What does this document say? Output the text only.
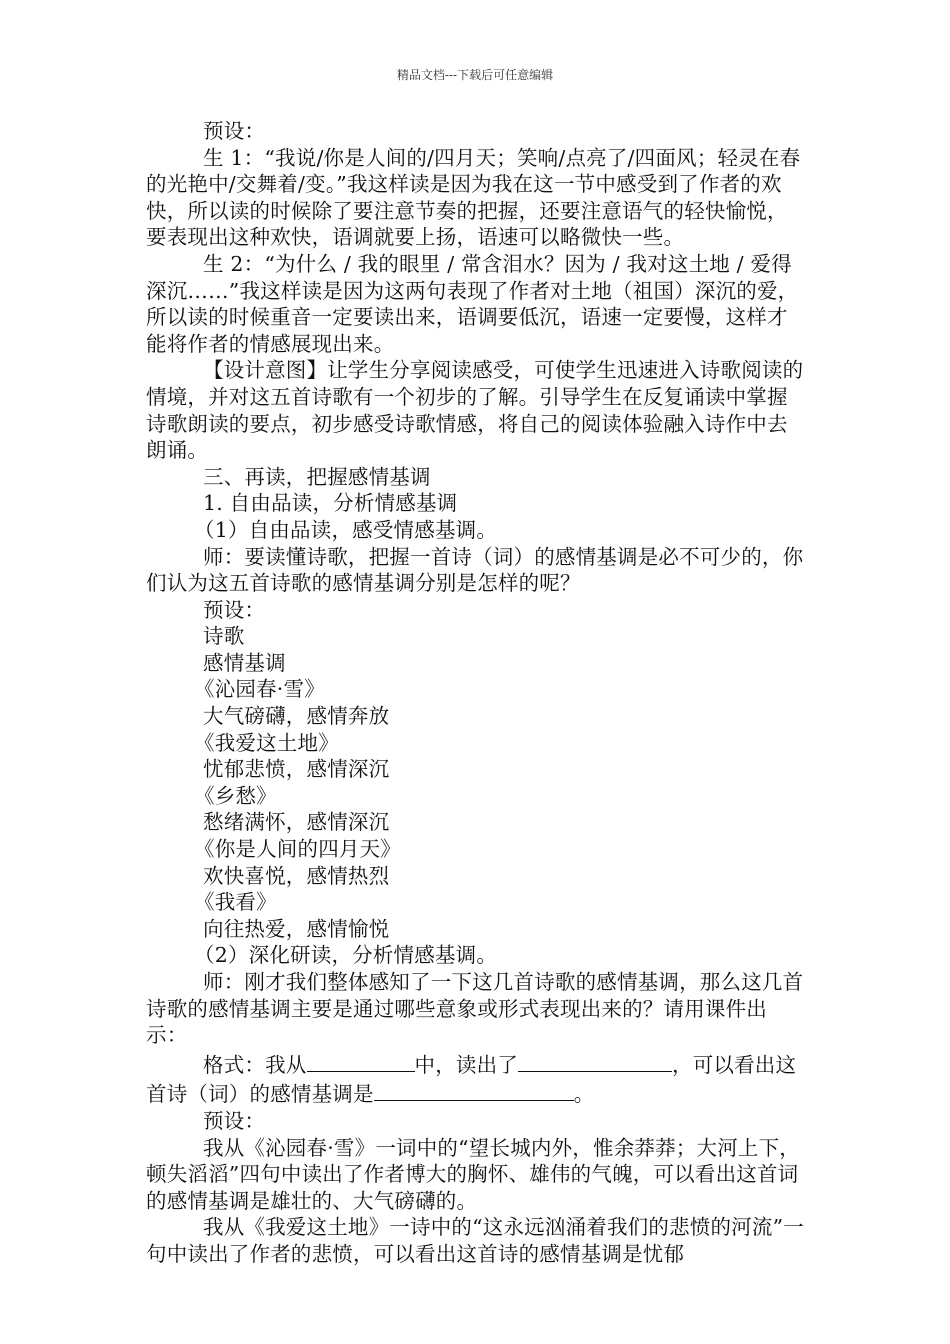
精品文档---下载后可任意编辑

预设：

生 1：“我说/你是人间的/四月天；笑响/点亮了/四面风；轻灵在春的光艳中/交舞着/变。”我这样读是因为我在这一节中感受到了作者的欢快，所以读的时候除了要注意节奏的把握，还要注意语气的轻快愉悦，要表现出这种欢快，语调就要上扬，语速可以略微快一些。

生 2：“为什么 / 我的眼里 / 常含泪水？因为 / 我对这土地 / 爱得深沉……”我这样读是因为这两句表现了作者对土地（祖国）深沉的爱，所以读的时候重音一定要读出来，语调要低沉，语速一定要慢，这样才能将作者的情感展现出来。

【设计意图】让学生分享阅读感受，可使学生迅速进入诗歌阅读的情境，并对这五首诗歌有一个初步的了解。引导学生在反复诵读中掌握诗歌朗读的要点，初步感受诗歌情感，将自己的阅读体验融入诗作中去朗诵。

三、再读，把握感情基调

1. 自由品读，分析情感基调

（1）自由品读，感受情感基调。

师：要读懂诗歌，把握一首诗（词）的感情基调是必不可少的，你们认为这五首诗歌的感情基调分别是怎样的呢？

预设：

诗歌

感情基调

《沁园春·雪》

大气磅礴，感情奔放

《我爱这土地》

忧郁悲愤，感情深沉

《乡愁》

愁绪满怀，感情深沉

《你是人间的四月天》

欢快喜悦，感情热烈

《我看》

向往热爱，感情愉悦

（2）深化研读，分析情感基调。

师：刚才我们整体感知了一下这几首诗歌的感情基调，那么这几首诗歌的感情基调主要是通过哪些意象或形式表现出来的？请用课件出示：

格式：我从	中，读出了	，可以看出这首诗（词）的感情基调是	。

预设：

我从《沁园春·雪》一词中的“望长城内外，惟余莽莽；大河上下，顿失滔滔”四句中读出了作者博大的胸怀、雄伟的气魄，可以看出这首词的感情基调是雄壮的、大气磅礴的。

我从《我爱这土地》一诗中的“这永远汹涌着我们的悲愤的河流”一句中读出了作者的悲愤，可以看出这首诗的感情基调是忧郁
